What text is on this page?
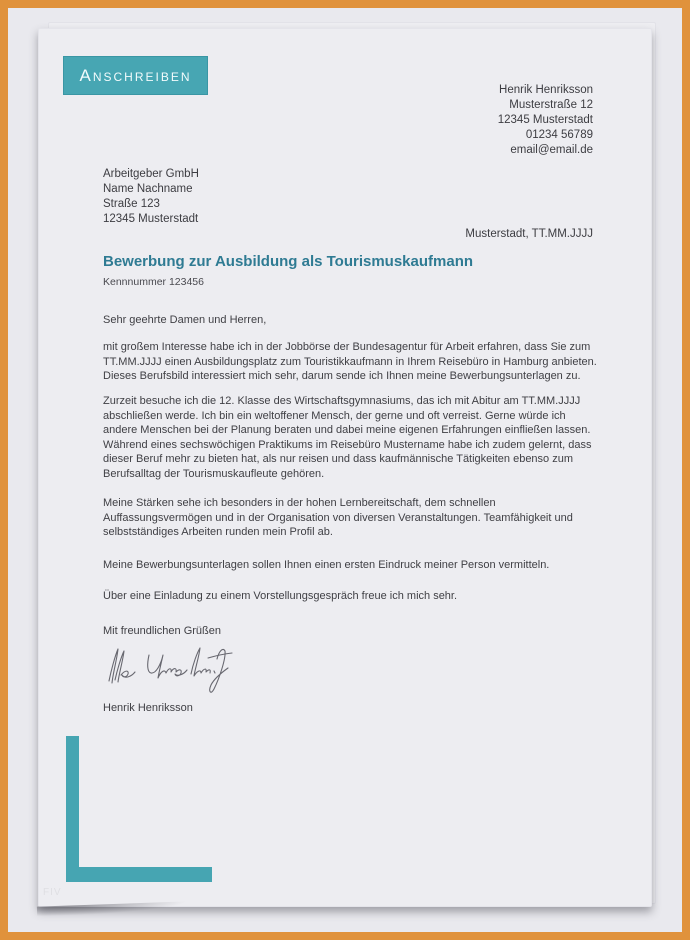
Anschreiben
Henrik Henriksson
Musterstraße 12
12345 Musterstadt
01234 56789
email@email.de
Arbeitgeber GmbH
Name Nachname
Straße 123
12345 Musterstadt
Musterstadt, TT.MM.JJJJ
Bewerbung zur Ausbildung als Tourismuskaufmann
Kennnummer 123456

Sehr geehrte Damen und Herren,

mit großem Interesse habe ich in der Jobbörse der Bundesagentur für Arbeit erfahren, dass Sie zum TT.MM.JJJJ einen Ausbildungsplatz zum Touristikkaufmann in Ihrem Reisebüro in Hamburg anbieten. Dieses Berufsbild interessiert mich sehr, darum sende ich Ihnen meine Bewerbungsunterlagen zu.

Zurzeit besuche ich die 12. Klasse des Wirtschaftsgymnasiums, das ich mit Abitur am TT.MM.JJJJ abschließen werde. Ich bin ein weltoffener Mensch, der gerne und oft verreist. Gerne würde ich andere Menschen bei der Planung beraten und dabei meine eigenen Erfahrungen einfließen lassen. Während eines sechswöchigen Praktikums im Reisebüro Mustername habe ich zudem gelernt, dass dieser Beruf mehr zu bieten hat, als nur reisen und dass kaufmännische Tätigkeiten ebenso zum Berufsalltag der Tourismuskaufleute gehören.

Meine Stärken sehe ich besonders in der hohen Lernbereitschaft, dem schnellen Auffassungsvermögen und in der Organisation von diversen Veranstaltungen. Teamfähigkeit und selbstständiges Arbeiten runden mein Profil ab.

Meine Bewerbungsunterlagen sollen Ihnen einen ersten Eindruck meiner Person vermitteln.

Über eine Einladung zu einem Vorstellungsgespräch freue ich mich sehr.

Mit freundlichen Grüßen

Henrik Henriksson

FIV
